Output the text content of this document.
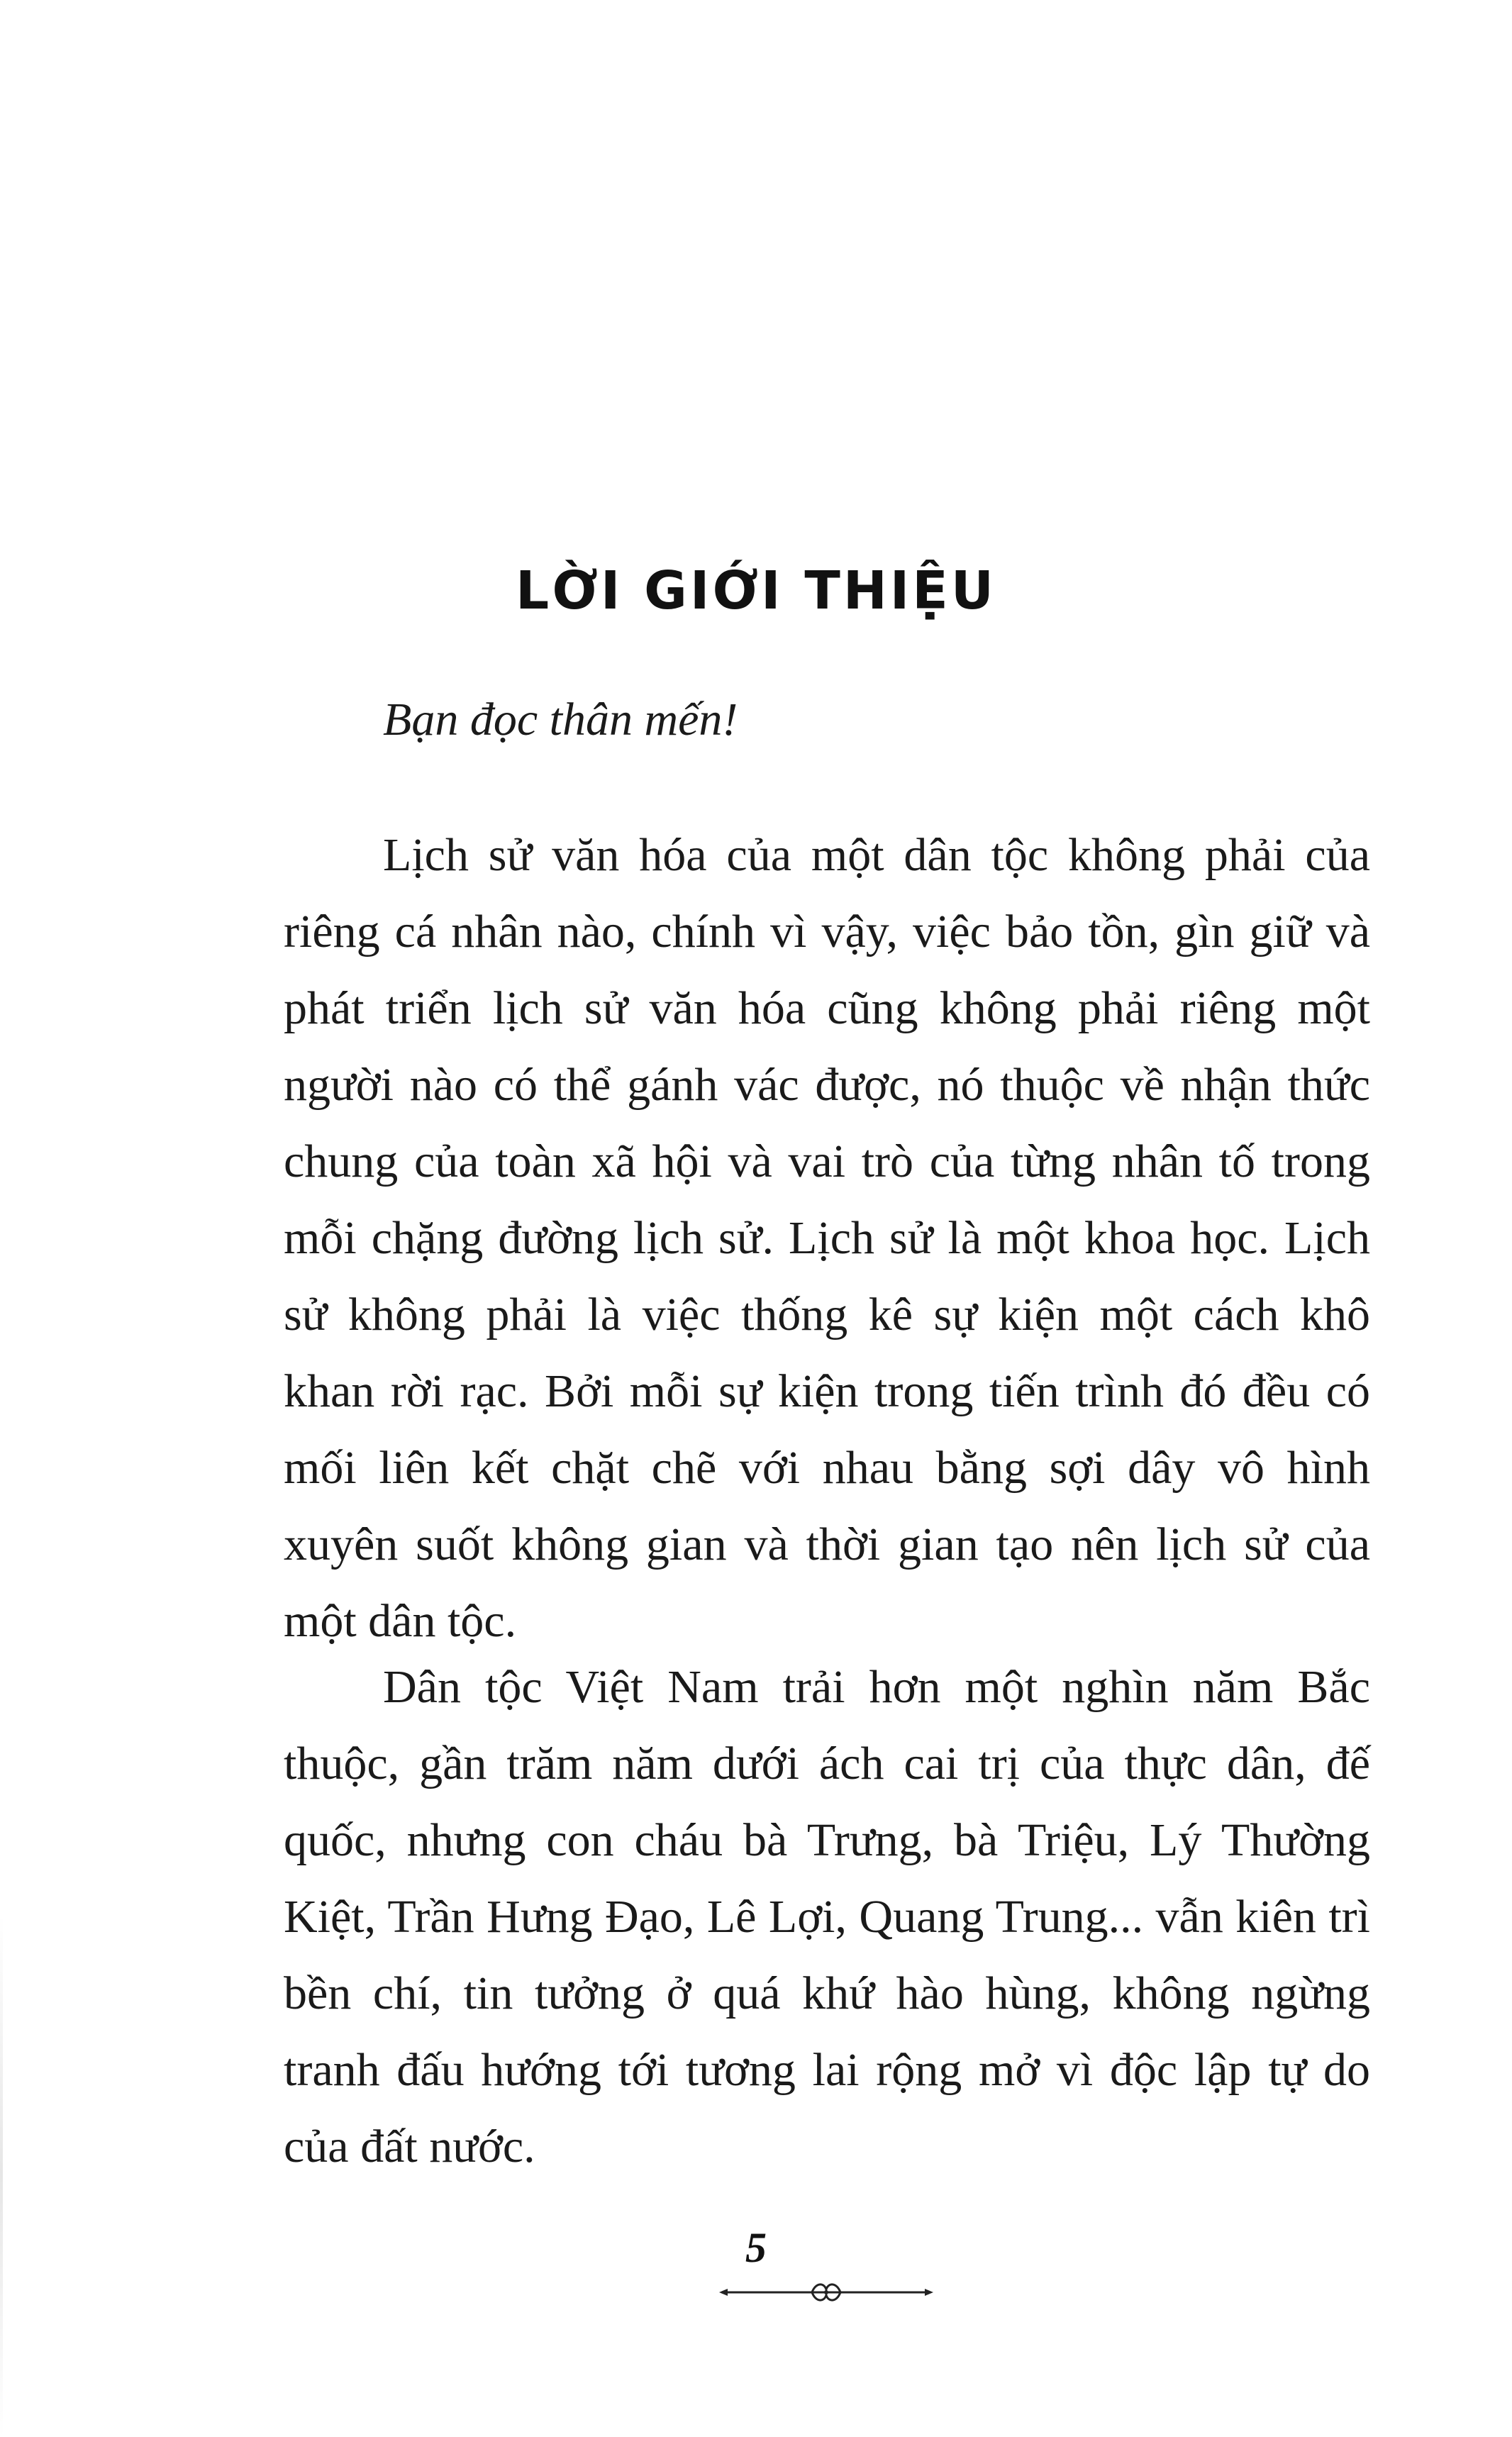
LỜI GIỚI THIỆU
Bạn đọc thân mến!

Lịch sử văn hóa của một dân tộc không phải của riêng cá nhân nào, chính vì vậy, việc bảo tồn, gìn giữ và phát triển lịch sử văn hóa cũng không phải riêng một người nào có thể gánh vác được, nó thuộc về nhận thức chung của toàn xã hội và vai trò của từng nhân tố trong mỗi chặng đường lịch sử. Lịch sử là một khoa học. Lịch sử không phải là việc thống kê sự kiện một cách khô khan rời rạc. Bởi mỗi sự kiện trong tiến trình đó đều có mối liên kết chặt chẽ với nhau bằng sợi dây vô hình xuyên suốt không gian và thời gian tạo nên lịch sử của một dân tộc.

Dân tộc Việt Nam trải hơn một nghìn năm Bắc thuộc, gần trăm năm dưới ách cai trị của thực dân, đế quốc, nhưng con cháu bà Trưng, bà Triệu, Lý Thường Kiệt, Trần Hưng Đạo, Lê Lợi, Quang Trung... vẫn kiên trì bền chí, tin tưởng ở quá khứ hào hùng, không ngừng tranh đấu hướng tới tương lai rộng mở vì độc lập tự do của đất nước.

5
